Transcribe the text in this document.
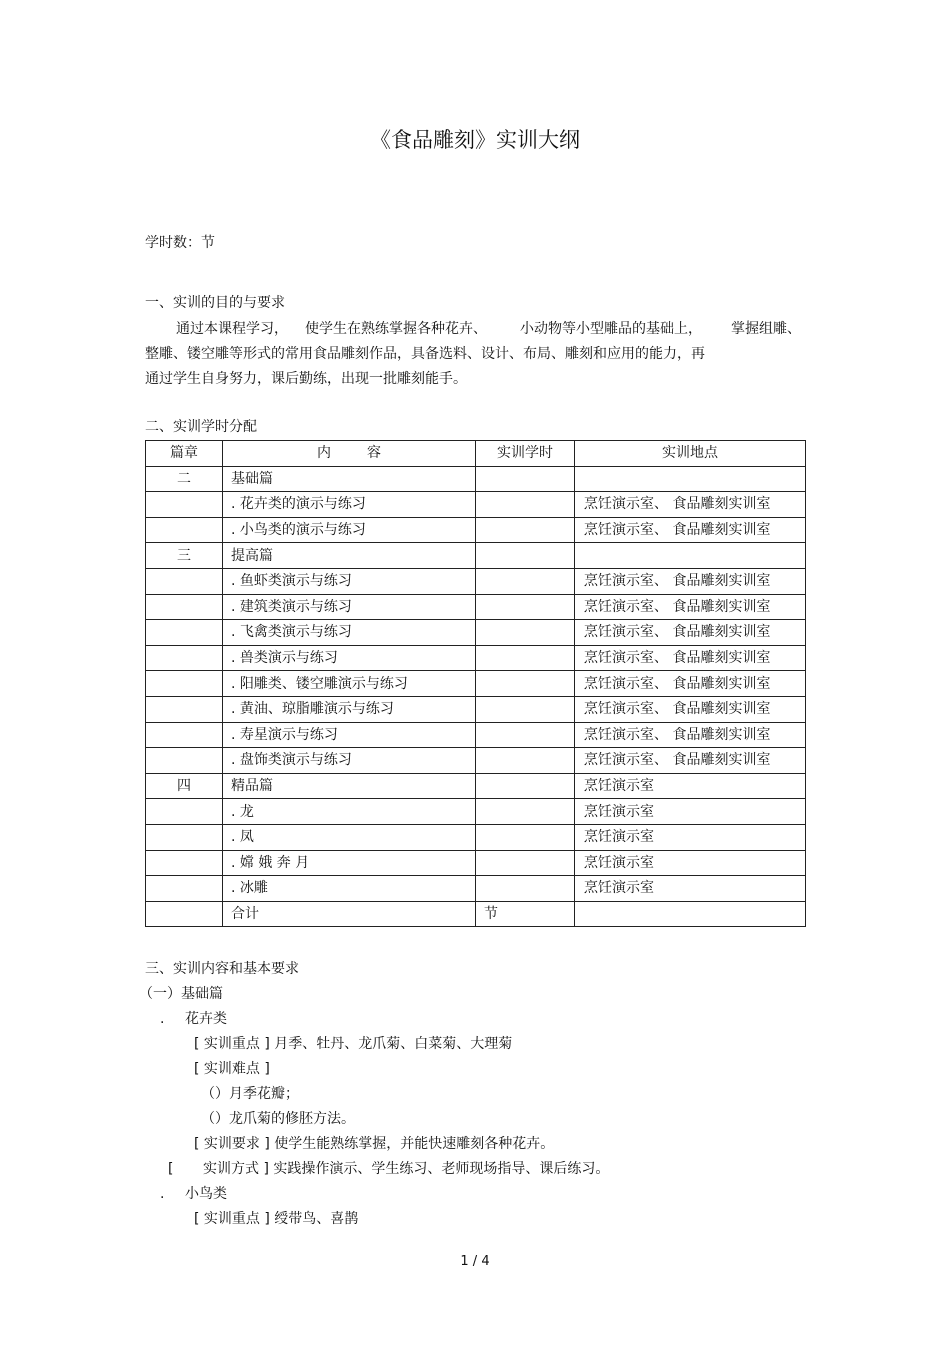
《食品雕刻》实训大纲
学时数：节
一、实训的目的与要求
通过本课程学习， 使学生在熟练掌握各种花卉、 小动物等小型雕品的基础上， 掌握组雕、
整雕、镂空雕等形式的常用食品雕刻作品，具备选料、设计、布局、雕刻和应用的能力，再
通过学生自身努力，课后勤练，出现一批雕刻能手。
二、实训学时分配
篇章	内 容	实训学时	实训地点
二	基础篇		
	. 花卉类的演示与练习		烹饪演示室、 食品雕刻实训室
	. 小鸟类的演示与练习		烹饪演示室、 食品雕刻实训室
三	提高篇		
	. 鱼虾类演示与练习		烹饪演示室、 食品雕刻实训室
	. 建筑类演示与练习		烹饪演示室、 食品雕刻实训室
	. 飞禽类演示与练习		烹饪演示室、 食品雕刻实训室
	. 兽类演示与练习		烹饪演示室、 食品雕刻实训室
	. 阳雕类、镂空雕演示与练习		烹饪演示室、 食品雕刻实训室
	. 黄油、琼脂雕演示与练习		烹饪演示室、 食品雕刻实训室
	. 寿星演示与练习		烹饪演示室、 食品雕刻实训室
	. 盘饰类演示与练习		烹饪演示室、 食品雕刻实训室
四	精品篇		烹饪演示室
	. 龙		烹饪演示室
	. 凤		烹饪演示室
	. 嫦 娥 奔 月		烹饪演示室
	. 冰雕		烹饪演示室
	合计	节	
三、实训内容和基本要求
（一）基础篇
. 花卉类
[ 实训重点 ] 月季、牡丹、龙爪菊、白菜菊、大理菊
[ 实训难点 ]
（）月季花瓣；
（）龙爪菊的修胚方法。
[ 实训要求 ] 使学生能熟练掌握，并能快速雕刻各种花卉。
[ 实训方式 ] 实践操作演示、学生练习、老师现场指导、课后练习。
. 小鸟类
[ 实训重点 ] 绶带鸟、喜鹊
1 / 4
